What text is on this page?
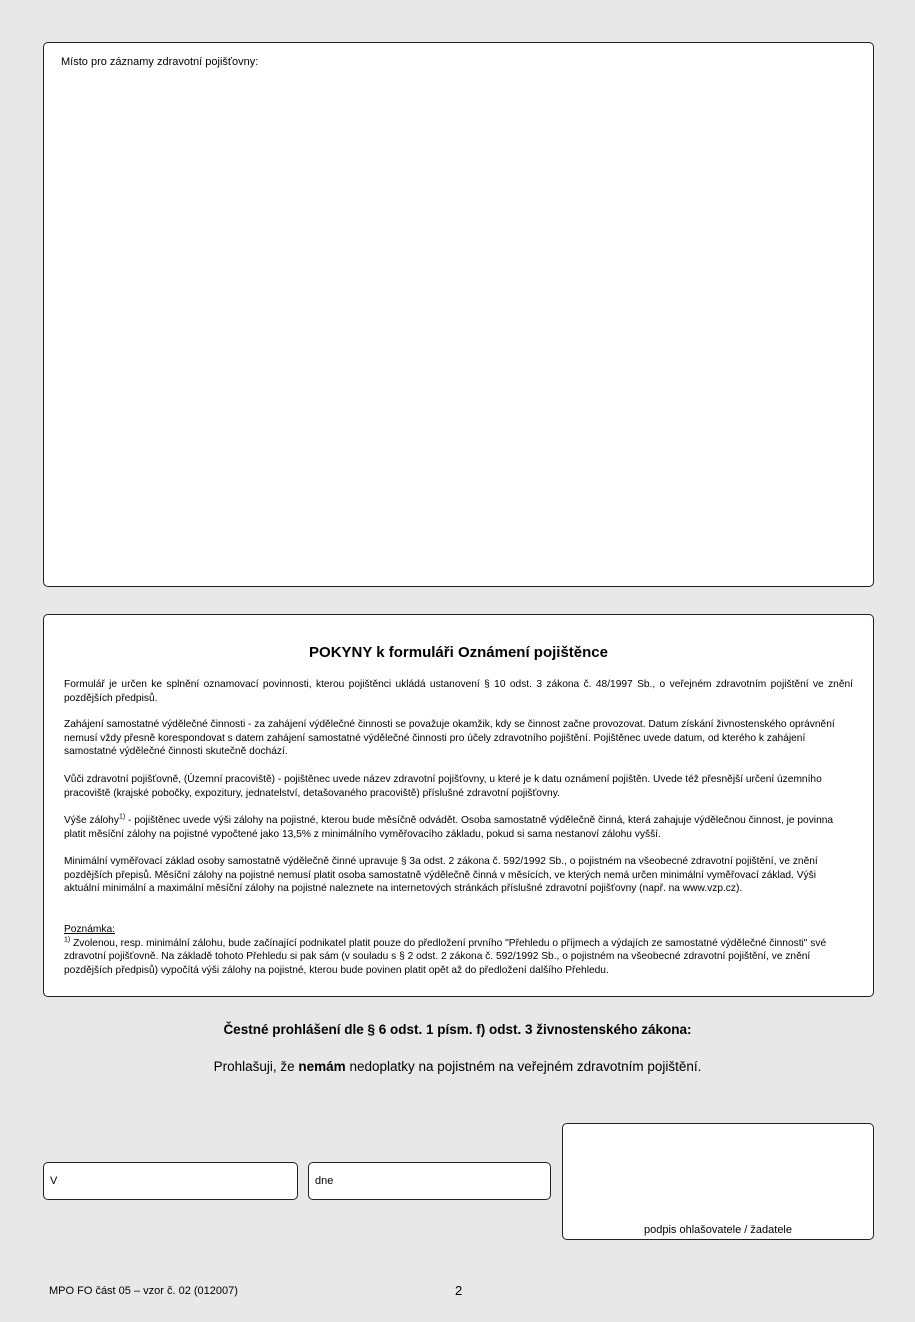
Místo pro záznamy zdravotní pojišťovny:
POKYNY k formuláři Oznámení pojištěnce
Formulář je určen ke splnění oznamovací povinnosti, kterou pojištěnci ukládá ustanovení § 10 odst. 3 zákona č. 48/1997 Sb., o veřejném zdravotním pojištění ve znění pozdějších předpisů.
Zahájení samostatné výdělečné činnosti - za zahájení výdělečné činnosti se považuje okamžik, kdy se činnost začne provozovat. Datum získání živnostenského oprávnění nemusí vždy přesně korespondovat s datem zahájení samostatné výdělečné činnosti pro účely zdravotního pojištění. Pojištěnec uvede datum, od kterého k zahájení samostatné výdělečné činnosti skutečně dochází.
Vůči zdravotní pojišťovně, (Územní pracoviště) - pojištěnec uvede název zdravotní pojišťovny, u které je k datu oznámení pojištěn. Uvede též přesnější určení územního pracoviště (krajské pobočky, expozitury, jednatelství, detašovaného pracoviště) příslušné zdravotní pojišťovny.
Výše zálohy$^{1)}$ - pojištěnec uvede výši zálohy na pojistné, kterou bude měsíčně odvádět. Osoba samostatně výdělečně činná, která zahajuje výdělečnou činnost, je povinna platit měsíční zálohy na pojistné vypočtené jako 13,5% z minimálního vyměřovacího základu, pokud si sama nestanoví zálohu vyšší.
Minimální vyměřovací základ osoby samostatně výdělečně činné upravuje § 3a odst. 2 zákona č. 592/1992 Sb., o pojistném na všeobecné zdravotní pojištění, ve znění pozdějších přepisů. Měsíční zálohy na pojistné nemusí platit osoba samostatně výdělečně činná v měsících, ve kterých nemá určen minimální vyměřovací základ. Výši aktuální minimální a maximální měsíční zálohy na pojistné naleznete na internetových stránkách příslušné zdravotní pojišťovny (např. na www.vzp.cz).
Poznámka:
$^{1)}$ Zvolenou, resp. minimální zálohu, bude začínající podnikatel platit pouze do předložení prvního "Přehledu o příjmech a výdajích ze samostatné výdělečné činnosti" své zdravotní pojišťovně. Na základě tohoto Přehledu si pak sám (v souladu s § 2 odst. 2 zákona č. 592/1992 Sb., o pojistném na všeobecné zdravotní pojištění, ve znění pozdějších předpisů) vypočítá výši zálohy na pojistné, kterou bude povinen platit opět až do předložení dalšího Přehledu.
Čestné prohlášení dle § 6 odst. 1 písm. f) odst. 3 živnostenského zákona:
Prohlašuji, že nemám nedoplatky na pojistném na veřejném zdravotním pojištění.
V	dne
podpis ohlašovatele / žadatele
MPO FO část 05 – vzor č. 02 (012007)	2
